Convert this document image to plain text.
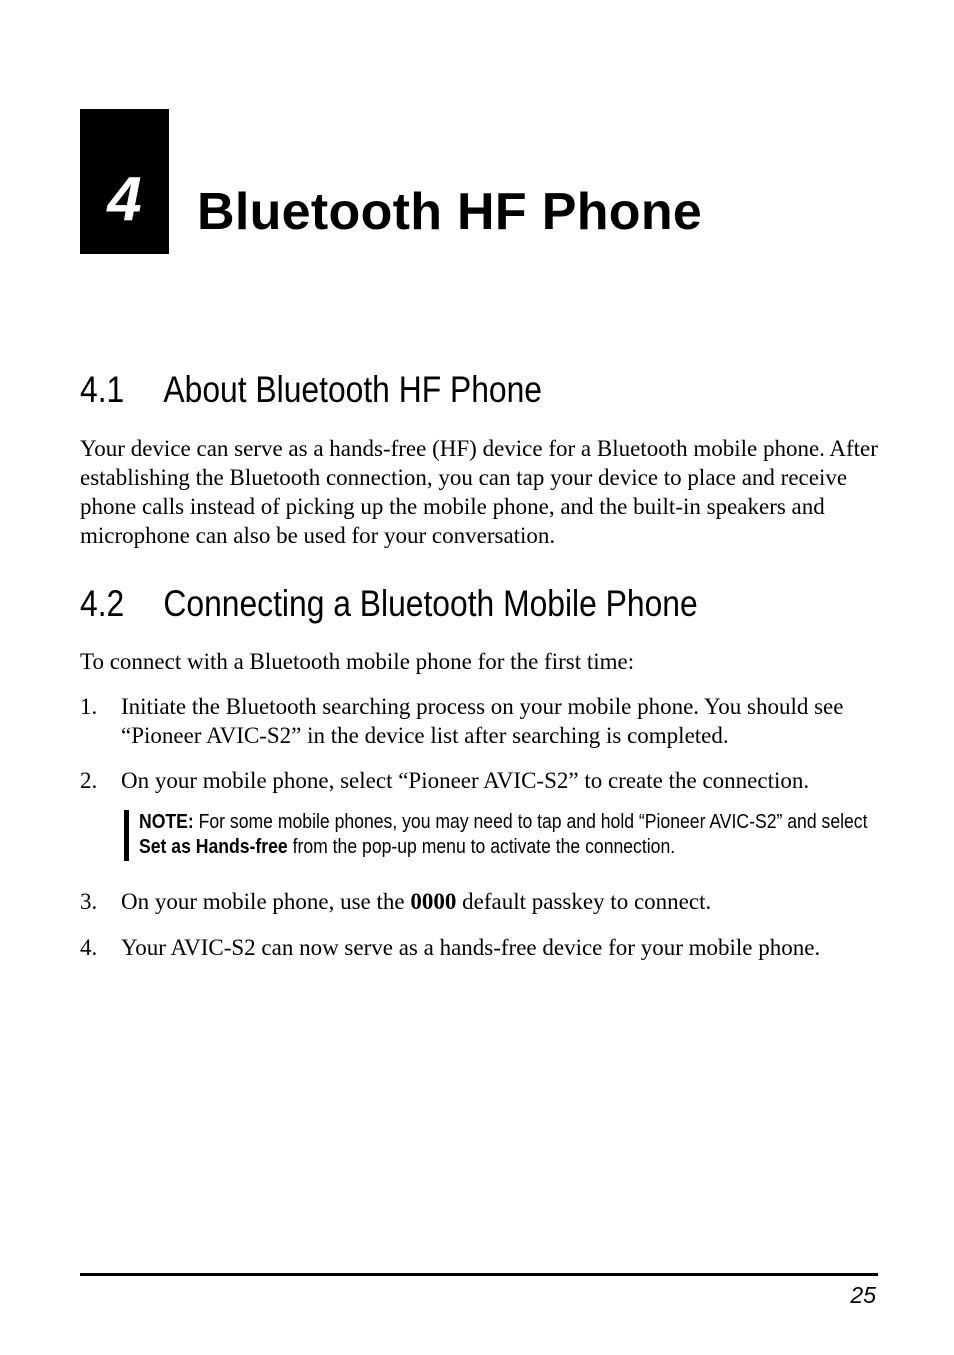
4	Bluetooth HF Phone
4.1 About Bluetooth HF Phone

Your device can serve as a hands-free (HF) device for a Bluetooth mobile phone. After establishing the Bluetooth connection, you can tap your device to place and receive phone calls instead of picking up the mobile phone, and the built-in speakers and microphone can also be used for your conversation.

4.2 Connecting a Bluetooth Mobile Phone

To connect with a Bluetooth mobile phone for the first time:

1. Initiate the Bluetooth searching process on your mobile phone. You should see “Pioneer AVIC-S2” in the device list after searching is completed.
2. On your mobile phone, select “Pioneer AVIC-S2” to create the connection.
NOTE: For some mobile phones, you may need to tap and hold “Pioneer AVIC-S2” and select Set as Hands-free from the pop-up menu to activate the connection.
3. On your mobile phone, use the 0000 default passkey to connect.
4. Your AVIC-S2 can now serve as a hands-free device for your mobile phone.
25
